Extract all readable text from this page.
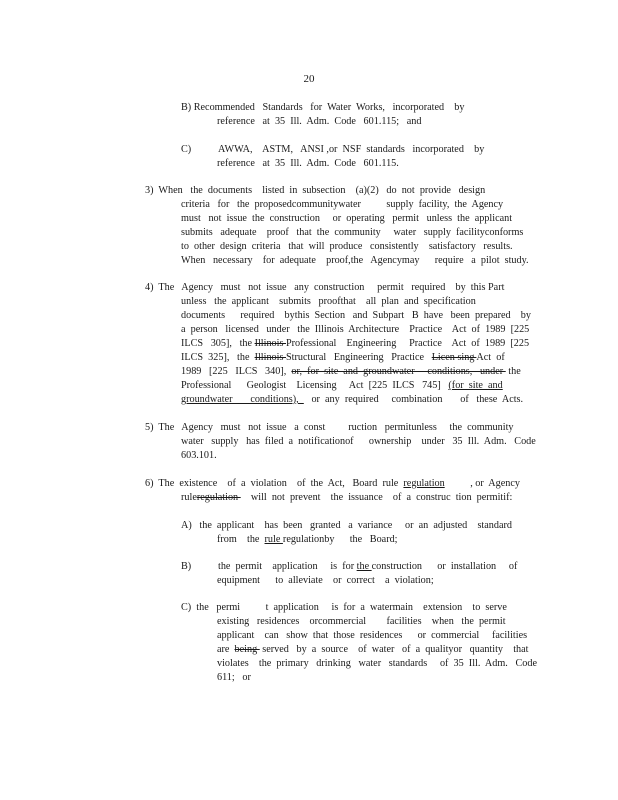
20
B) Recommended   Standards   for  Water  Works,   incorporated    by
reference   at  35  Ill.  Adm.  Code   601.115;   and
C)	AWWA,    ASTM,   ANSI ,or  NSF  standards   incorporated    by
reference   at  35  Ill.  Adm.  Code   601.115.
3)  When   the  documents    listed  in  subsection    (a)(2)   do  not  provide   design
criteria   for   the  proposedcommunitywater          supply  facility,  the  Agency
must   not  issue  the  construction     or  operating   permit   unless  the  applicant
submits   adequate    proof   that  the  community     water   supply  facilityconforms
to  other  design  criteria   that  will  produce   consistently    satisfactory   results.
When   necessary    for  adequate    proof,the   Agencymay      require   a  pilot  study.
4)  The   Agency   must   not  issue   any  construction     permit   required    by  this Part
unless   the  applicant    submits   proofthat    all  plan  and  specification
documents      required    bythis  Section   and  Subpart   B  have   been  prepared    by
a  person   licensed   under   the  Illinois  Architecture    Practice    Act  of  1989  [225
ILCS   305],   the Illinois Professional    Engineering     Practice    Act  of  1989  [225
ILCS  325],   the  Illinois Structural   Engineering   Practice   Licen sing Act  of
1989   [225   ILCS   340],  or,  for  site  and  groundwater     conditions,   under  the
Professional      Geologist    Licensing     Act  [225  ILCS   745]   (for  site  and
groundwater       conditions),     or  any  required     combination       of   these  Acts.
5)  The   Agency   must   not  issue   a  const         ruction   permitunless     the  community
water   supply   has  filed  a  notificationof      ownership    under   35  Ill.  Adm.   Code
603.101.
6)  The  existence    of  a  violation    of  the  Act,   Board  rule  regulation          , or  Agency
ruleregulation     will  not  prevent    the  issuance    of  a  construc  tion  permitif:
A)   the  applicant    has  been   granted   a  variance     or  an  adjusted    standard
from    the  rule regulationby      the   Board;
B)	the  permit    application     is  for the construction      or  installation     of
equipment      to  alleviate    or  correct    a  violation;
C)  the   permi          t  application     is  for  a  watermain    extension    to  serve
existing   residences    orcommercial        facilities    when   the  permit
applicant    can   show  that  those  residences      or  commercial     facilities
are  being  served   by  a  source    of  water   of  a  qualityor   quantity    that
violates    the  primary   drinking   water   standards     of  35  Ill.  Adm.   Code
611;   or
